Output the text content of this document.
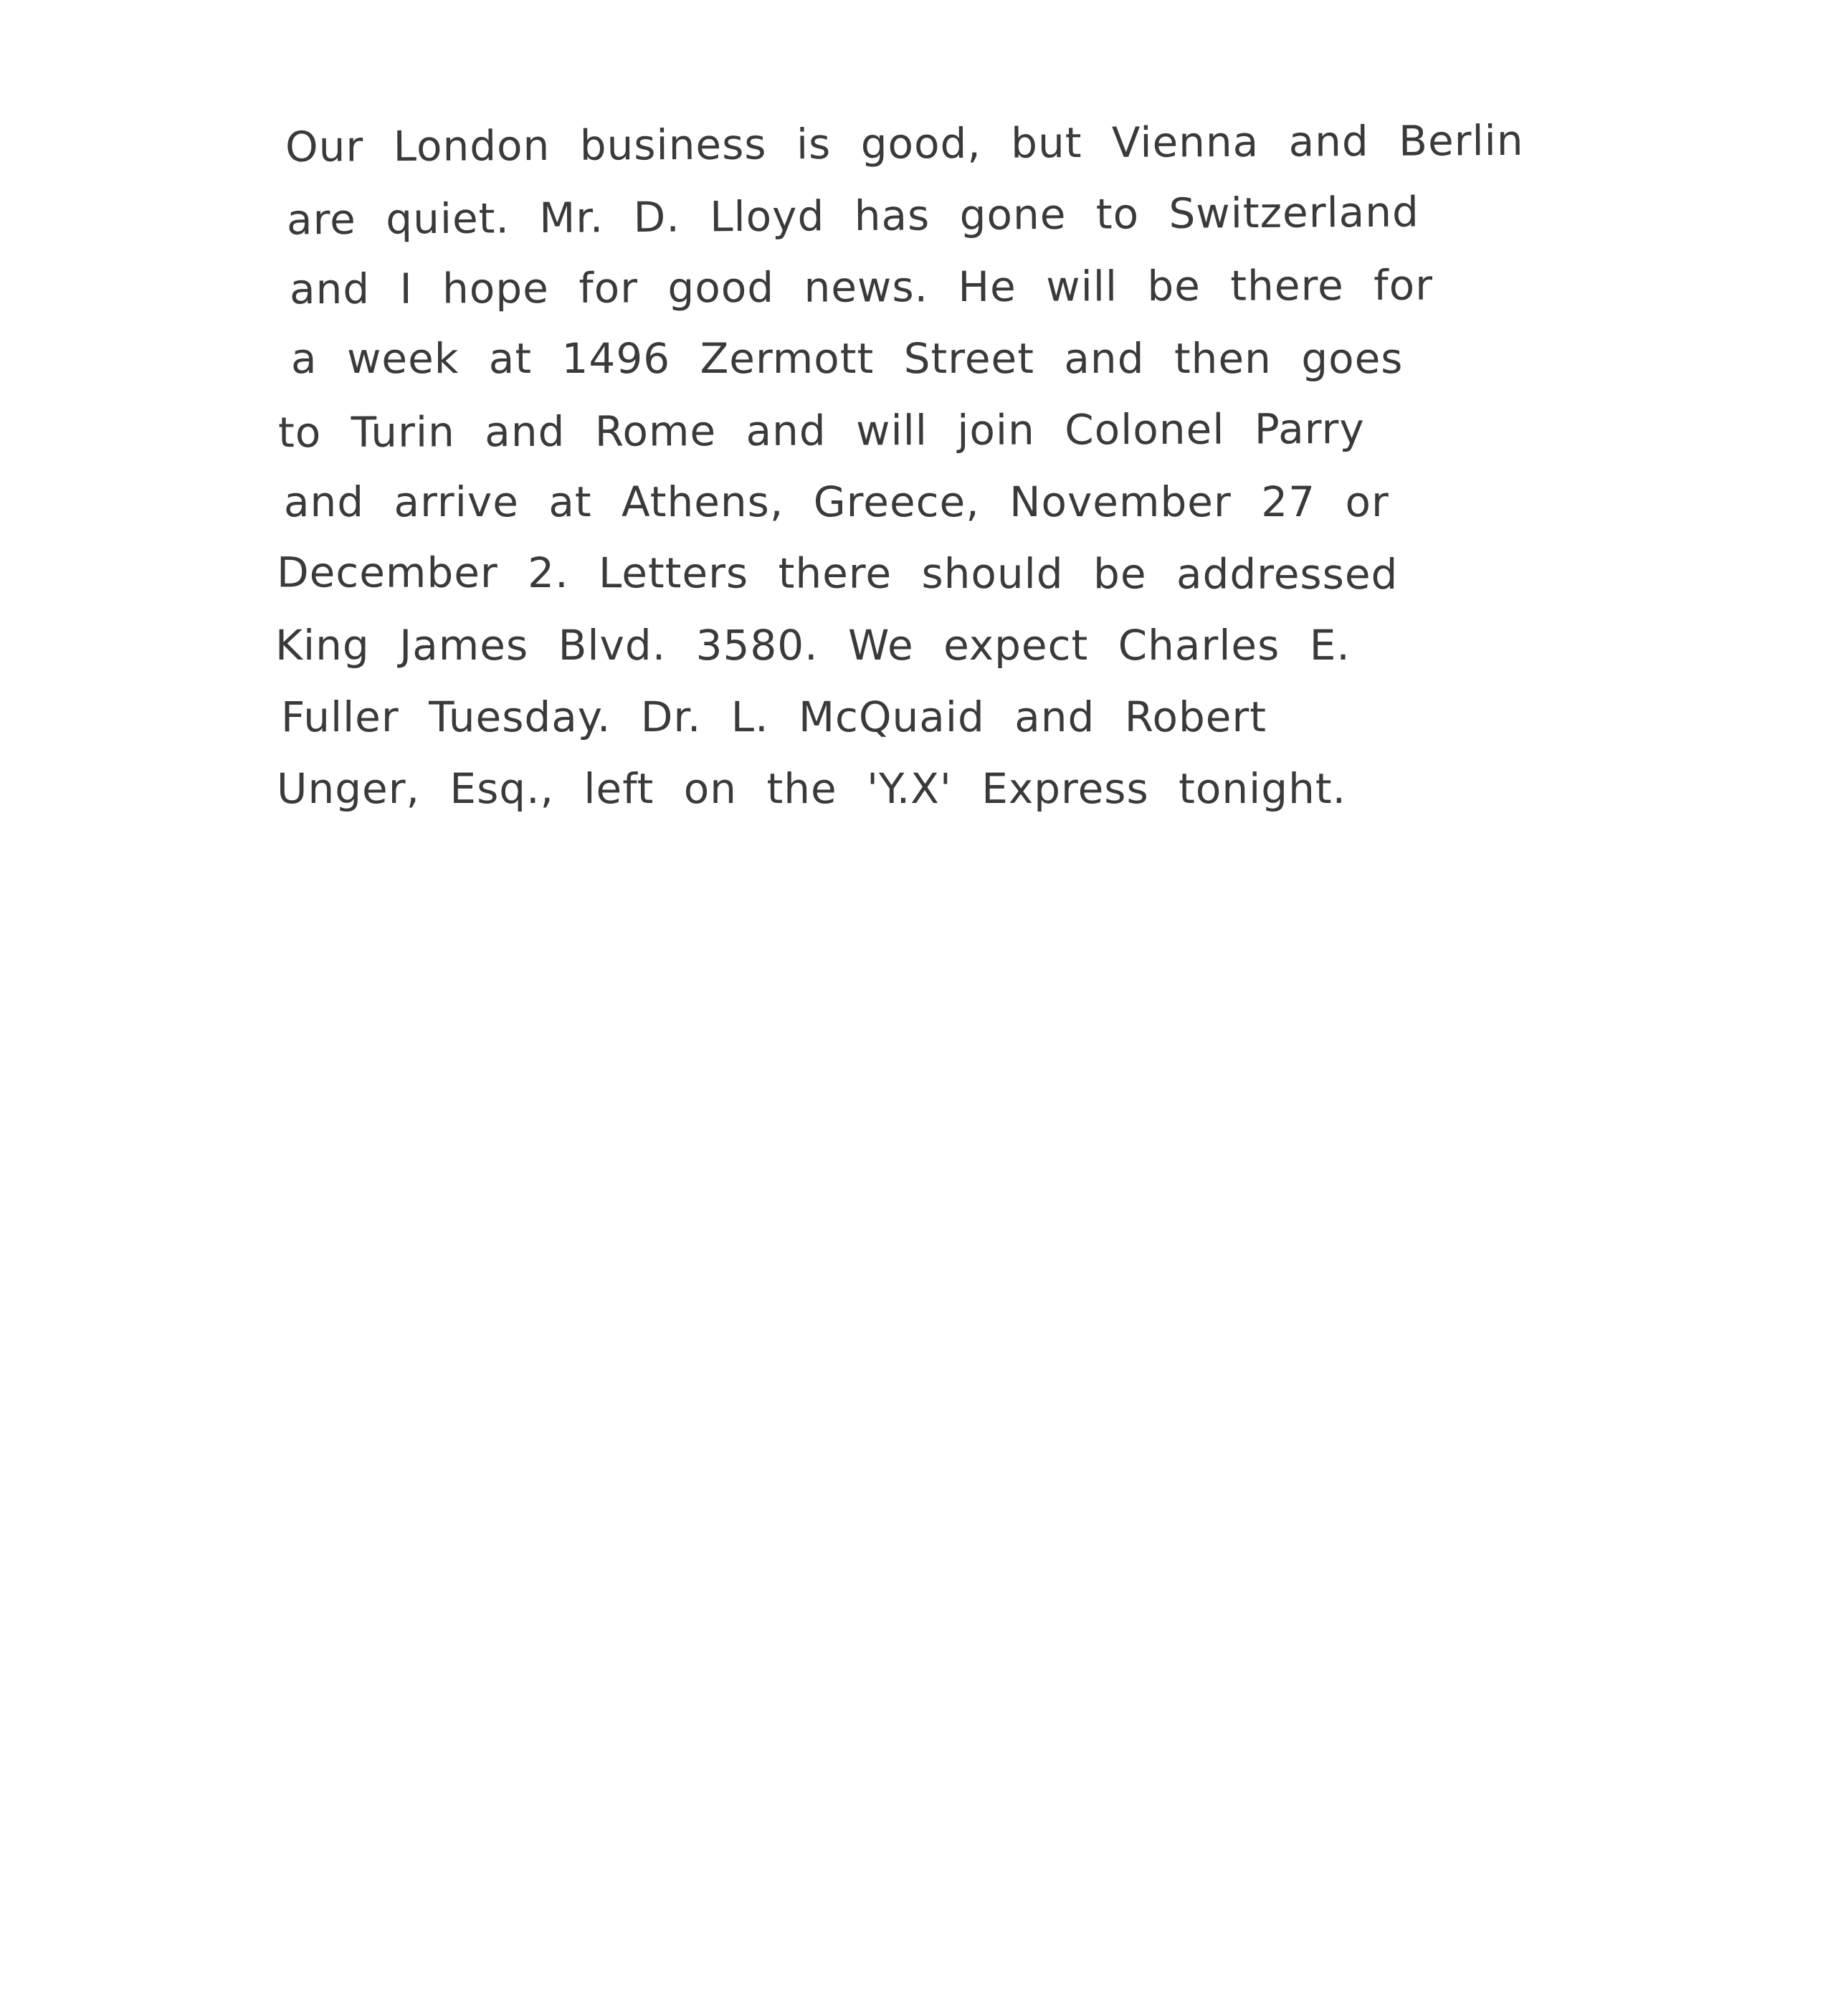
Our London business is good, but Vienna and Berlin
are quiet. Mr. D. Lloyd has gone to Switzerland
and I hope for good news. He will be there for
a week at 1496 Zermott Street and then goes
to Turin and Rome and will join Colonel Parry
and arrive at Athens, Greece, November 27 or
December 2. Letters there should be addressed
King James Blvd. 3580. We expect Charles E.
Fuller Tuesday. Dr. L. McQuaid and Robert
Unger, Esq., left on the 'Y.X' Express tonight.
